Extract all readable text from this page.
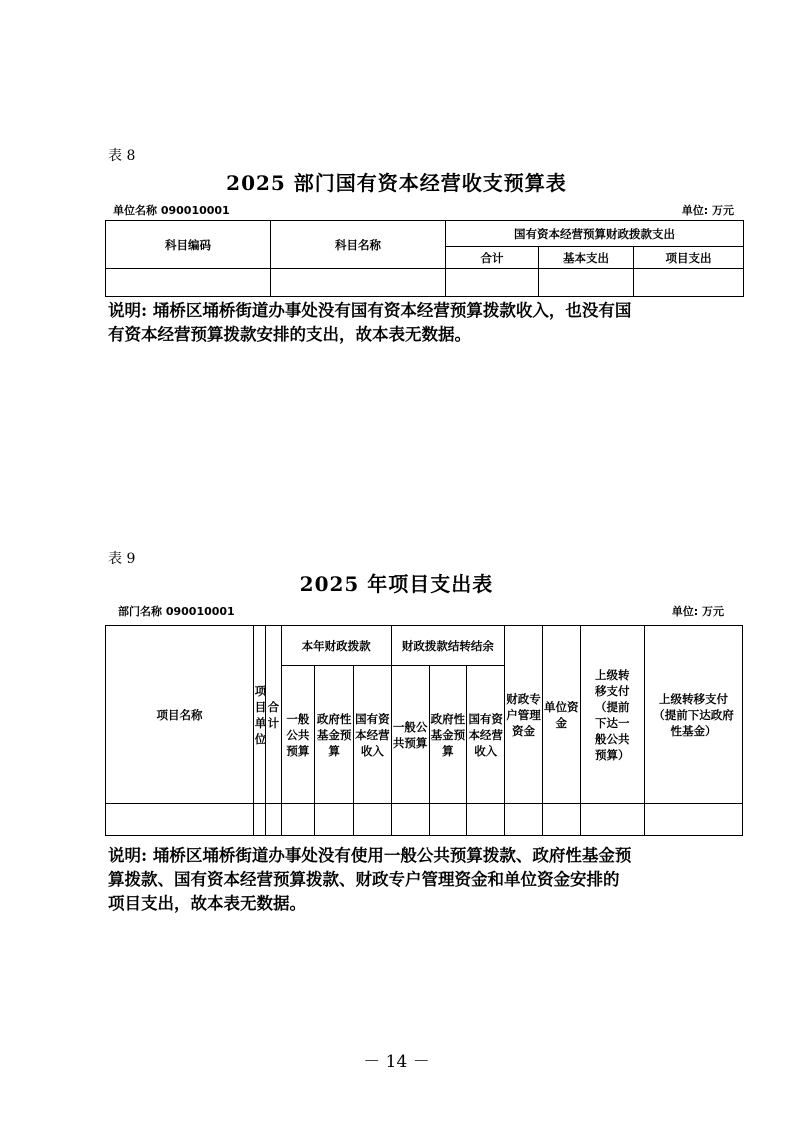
表 8
2025 部门国有资本经营收支预算表
单位名称 090010001	单位: 万元
科目编码	科目名称	国有资本经营预算财政拨款支出		
		合计	基本支出	项目支出

说明: 埇桥区埇桥街道办事处没有国有资本经营预算拨款收入，也没有国
有资本经营预算拨款安排的支出，故本表无数据。
表 9
2025 年项目支出表
部门名称 090010001	单位: 万元
项目名称	项目单位	合计	本年财政拨款			财政拨款结转结余			财政专户管理资金	单位资金	上级转移支付（提前下达一般公共预算）	上级转移支付（提前下达政府性基金）
			一般公共预算	政府性基金预算	国有资本经营收入	一般公共预算	政府性基金预算	国有资本经营收入				

说明: 埇桥区埇桥街道办事处没有使用一般公共预算拨款、政府性基金预
算拨款、国有资本经营预算拨款、财政专户管理资金和单位资金安排的
项目支出，故本表无数据。
－ 14 －
